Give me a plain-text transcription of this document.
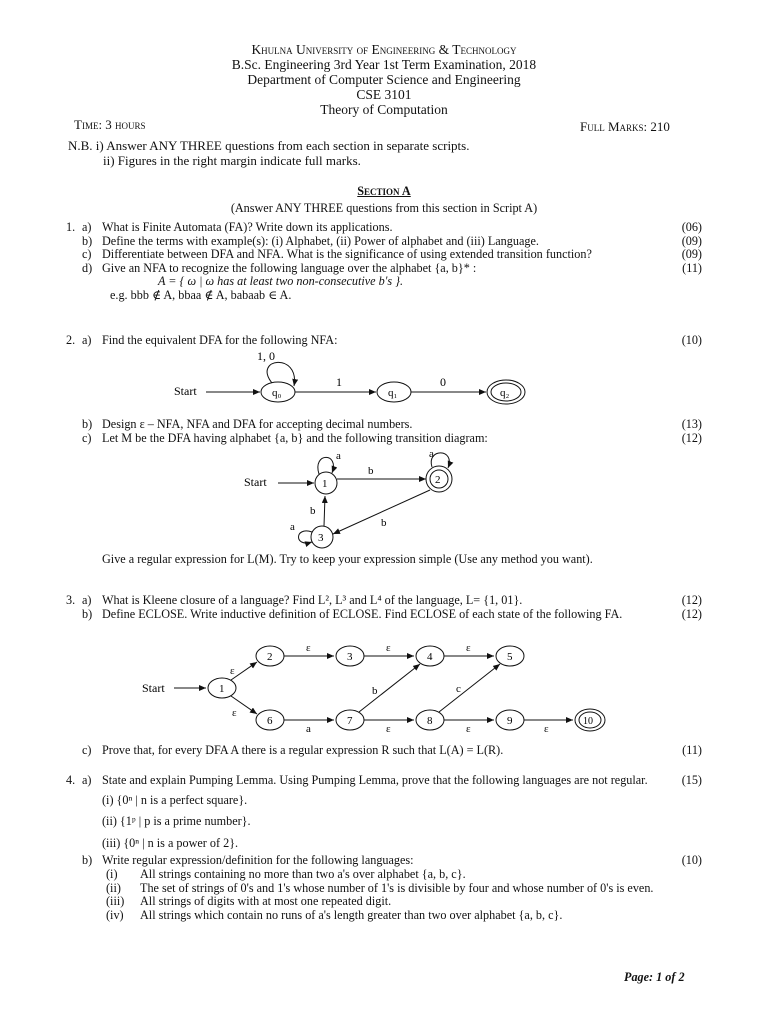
Khulna University of Engineering & Technology
B.Sc. Engineering 3rd Year 1st Term Examination, 2018
Department of Computer Science and Engineering
CSE 3101
Theory of Computation
Time: 3 hours	Full Marks: 210
N.B. i) Answer ANY THREE questions from each section in separate scripts.
ii) Figures in the right margin indicate full marks.
Section A
(Answer ANY THREE questions from this section in Script A)
1. a) What is Finite Automata (FA)? Write down its applications.	(06)
b) Define the terms with example(s): (i) Alphabet, (ii) Power of alphabet and (iii) Language.	(09)
c) Differentiate between DFA and NFA. What is the significance of using extended transition function?	(09)
d) Give an NFA to recognize the following language over the alphabet {a, b}* :	(11)
A = { ω | ω has at least two non-consecutive b's }.
e.g. bbb ∉ A, bbaa ∉ A, babaab ∈ A.
2. a) Find the equivalent DFA for the following NFA:	(10)
Start	q₀
1, 0
1
q₁
0
q₂
b) Design ε – NFA, NFA and DFA for accepting decimal numbers.	(13)
c) Let M be the DFA having alphabet {a, b} and the following transition diagram:	(12)
Start	1
a
b
2
a
b
3
b
a
Give a regular expression for L(M). Try to keep your expression simple (Use any method you want).
3. a) What is Kleene closure of a language? Find L², L³ and L⁴ of the language, L= {1, 01}.	(12)
b) Define ECLOSE. Write inductive definition of ECLOSE. Find ECLOSE of each state of the following FA.	(12)
Start	1
2	3	4	5
6	7	8	9	10
ε
ε
ε	ε	ε
a	ε	ε	ε
b	c
c) Prove that, for every DFA A there is a regular expression R such that L(A) = L(R).	(11)
4. a) State and explain Pumping Lemma. Using Pumping Lemma, prove that the following languages are not regular.	(15)
(i) {0ⁿ | n is a perfect square}.
(ii) {1ᵖ | p is a prime number}.
(iii) {0ⁿ | n is a power of 2}.
b) Write regular expression/definition for the following languages:	(10)
(i)	All strings containing no more than two a's over alphabet {a, b, c}.
(ii)	The set of strings of 0's and 1's whose number of 1's is divisible by four and whose number of 0's is even.
(iii)	All strings of digits with at most one repeated digit.
(iv)	All strings which contain no runs of a's length greater than two over alphabet {a, b, c}.
Page: 1 of 2
